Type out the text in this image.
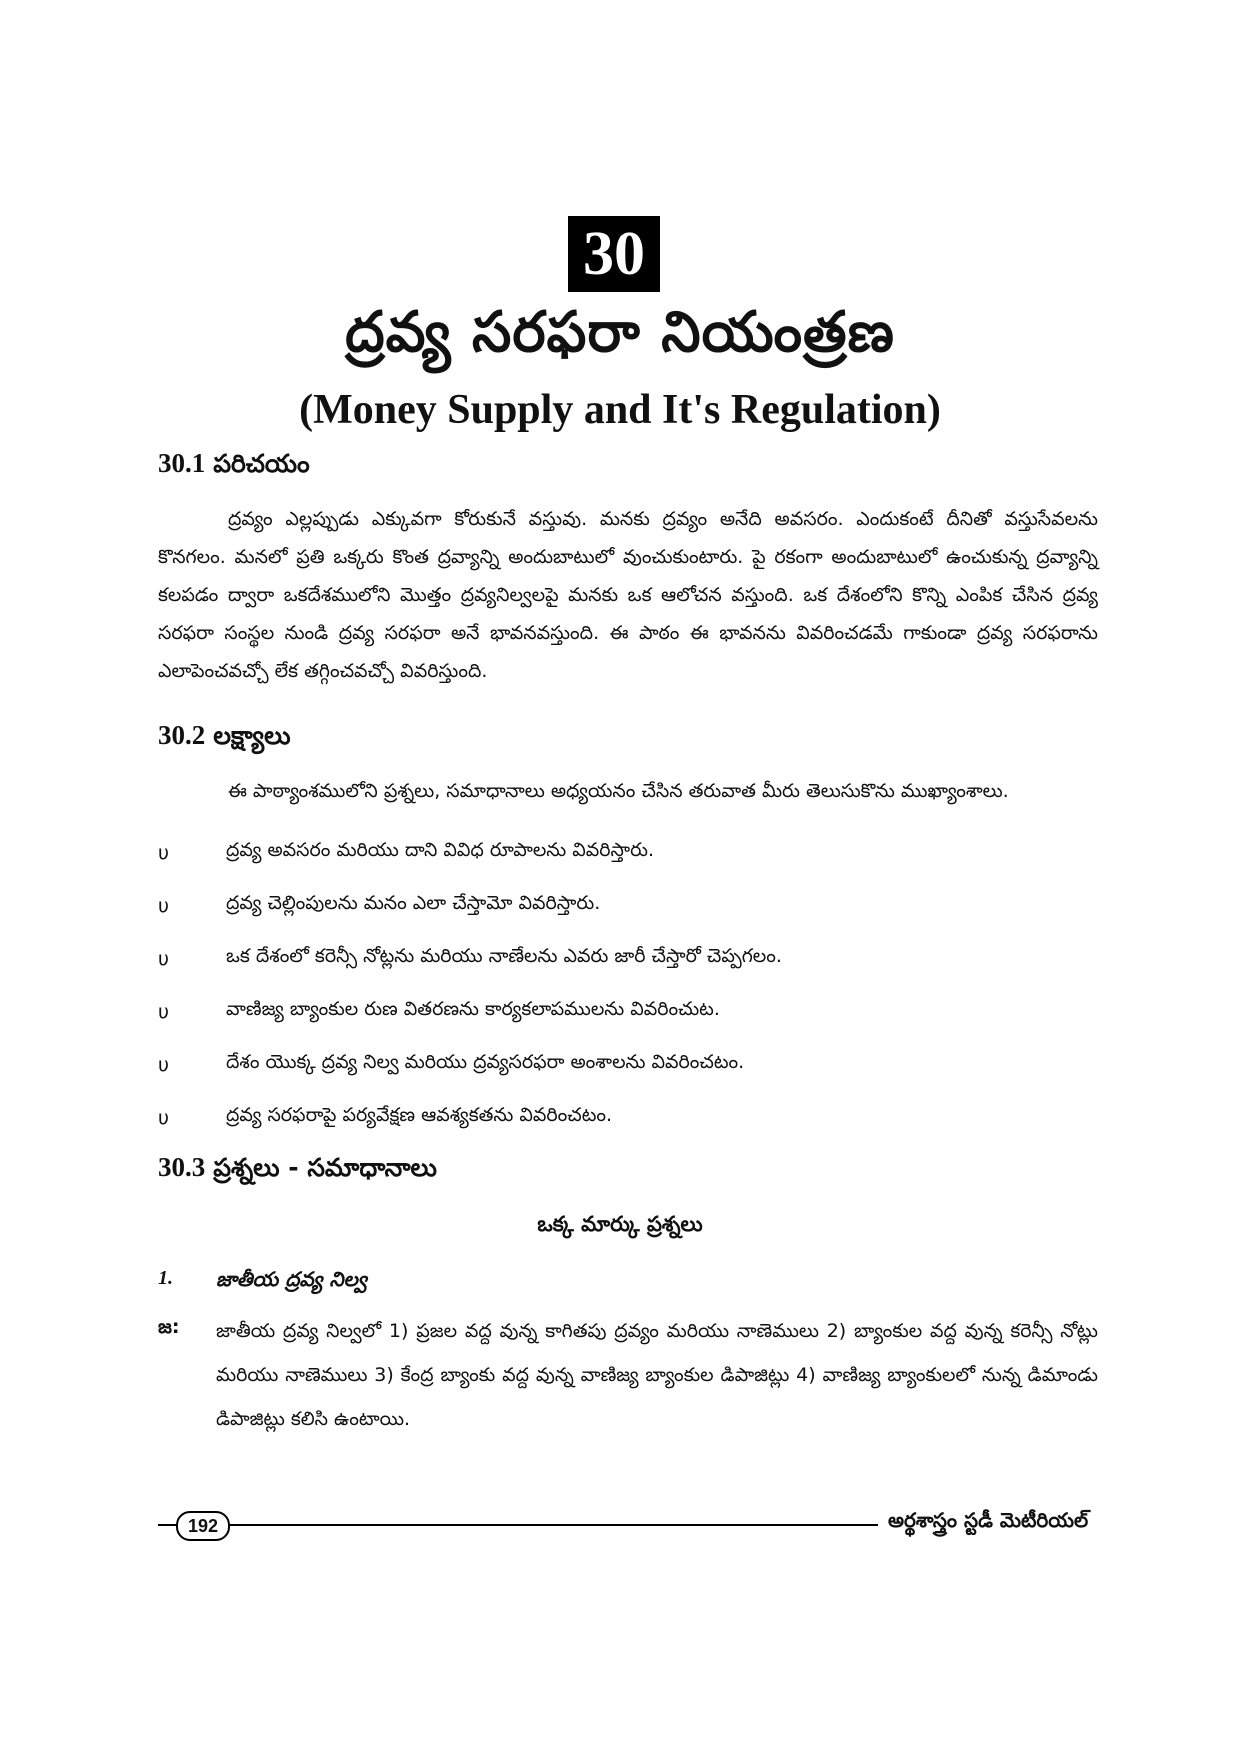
30
ద్రవ్య సరఫరా నియంత్రణ
(Money Supply and It's Regulation)
30.1 పరిచయం

ద్రవ్యం ఎల్లప్పుడు ఎక్కువగా కోరుకునే వస్తువు. మనకు ద్రవ్యం అనేది అవసరం. ఎందుకంటే దీనితో వస్తుసేవలను కొనగలం. మనలో ప్రతి ఒక్కరు కొంత ద్రవ్యాన్ని అందుబాటులో వుంచుకుంటారు. పై రకంగా అందుబాటులో ఉంచుకున్న ద్రవ్యాన్ని కలపడం ద్వారా ఒకదేశములోని మొత్తం ద్రవ్యనిల్వలపై మనకు ఒక ఆలోచన వస్తుంది. ఒక దేశంలోని కొన్ని ఎంపిక చేసిన ద్రవ్య సరఫరా సంస్థల నుండి ద్రవ్య సరఫరా అనే భావనవస్తుంది. ఈ పాఠం ఈ భావనను వివరించడమే గాకుండా ద్రవ్య సరఫరాను ఎలాపెంచవచ్చో లేక తగ్గించవచ్చో వివరిస్తుంది.

30.2 లక్ష్యాలు
ఈ పాఠ్యాంశములోని ప్రశ్నలు, సమాధానాలు అధ్యయనం చేసిన తరువాత మీరు తెలుసుకొను ముఖ్యాంశాలు.
υ	ద్రవ్య అవసరం మరియు దాని వివిధ రూపాలను వివరిస్తారు.
υ	ద్రవ్య చెల్లింపులను మనం ఎలా చేస్తామో వివరిస్తారు.
υ	ఒక దేశంలో కరెన్సీ నోట్లను మరియు నాణేలను ఎవరు జారీ చేస్తారో చెప్పగలం.
υ	వాణిజ్య బ్యాంకుల రుణ వితరణను కార్యకలాపములను వివరించుట.
υ	దేశం యొక్క ద్రవ్య నిల్వ మరియు ద్రవ్యసరఫరా అంశాలను వివరించటం.
υ	ద్రవ్య సరఫరాపై పర్యవేక్షణ ఆవశ్యకతను వివరించటం.
30.3 ప్రశ్నలు - సమాధానాలు
ఒక్క మార్కు ప్రశ్నలు
1.	జాతీయ ద్రవ్య నిల్వ
జ: జాతీయ ద్రవ్య నిల్వలో 1) ప్రజల వద్ద వున్న కాగితపు ద్రవ్యం మరియు నాణెములు 2) బ్యాంకుల వద్ద వున్న కరెన్సీ నోట్లు మరియు నాణెములు 3) కేంద్ర బ్యాంకు వద్ద వున్న వాణిజ్య బ్యాంకుల డిపాజిట్లు 4) వాణిజ్య బ్యాంకులలో నున్న డిమాండు డిపాజిట్లు కలిసి ఉంటాయి.

192	అర్థశాస్త్రం స్టడీ మెటీరియల్
